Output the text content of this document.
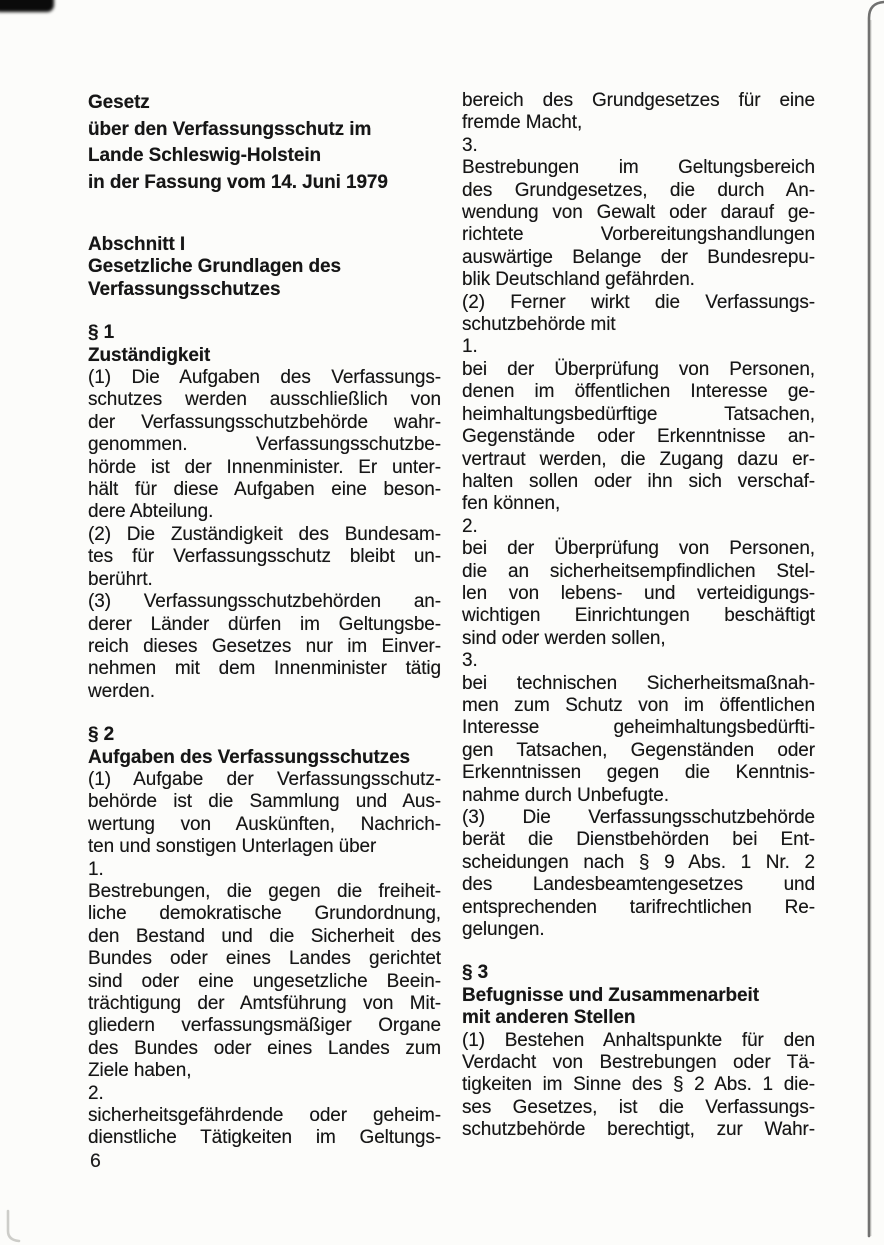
Gesetz
über den Verfassungsschutz im
Lande Schleswig-Holstein
in der Fassung vom 14. Juni 1979
Abschnitt I
Gesetzliche Grundlagen des
Verfassungsschutzes
§ 1
Zuständigkeit
(1) Die Aufgaben des Verfassungs-
schutzes werden ausschließlich von
der Verfassungsschutzbehörde wahr-
genommen. Verfassungsschutzbe-
hörde ist der Innenminister. Er unter-
hält für diese Aufgaben eine beson-
dere Abteilung.
(2) Die Zuständigkeit des Bundesam-
tes für Verfassungsschutz bleibt un-
berührt.
(3) Verfassungsschutzbehörden an-
derer Länder dürfen im Geltungsbe-
reich dieses Gesetzes nur im Einver-
nehmen mit dem Innenminister tätig
werden.
§ 2
Aufgaben des Verfassungsschutzes
(1) Aufgabe der Verfassungsschutz-
behörde ist die Sammlung und Aus-
wertung von Auskünften, Nachrich-
ten und sonstigen Unterlagen über
1.
Bestrebungen, die gegen die freiheit-
liche demokratische Grundordnung,
den Bestand und die Sicherheit des
Bundes oder eines Landes gerichtet
sind oder eine ungesetzliche Beein-
trächtigung der Amtsführung von Mit-
gliedern verfassungsmäßiger Organe
des Bundes oder eines Landes zum
Ziele haben,
2.
sicherheitsgefährdende oder geheim-
dienstliche Tätigkeiten im Geltungs-
bereich des Grundgesetzes für eine
fremde Macht,
3.
Bestrebungen im Geltungsbereich
des Grundgesetzes, die durch An-
wendung von Gewalt oder darauf ge-
richtete Vorbereitungshandlungen
auswärtige Belange der Bundesrepu-
blik Deutschland gefährden.
(2) Ferner wirkt die Verfassungs-
schutzbehörde mit
1.
bei der Überprüfung von Personen,
denen im öffentlichen Interesse ge-
heimhaltungsbedürftige Tatsachen,
Gegenstände oder Erkenntnisse an-
vertraut werden, die Zugang dazu er-
halten sollen oder ihn sich verschaf-
fen können,
2.
bei der Überprüfung von Personen,
die an sicherheitsempfindlichen Stel-
len von lebens- und verteidigungs-
wichtigen Einrichtungen beschäftigt
sind oder werden sollen,
3.
bei technischen Sicherheitsmaßnah-
men zum Schutz von im öffentlichen
Interesse geheimhaltungsbedürfti-
gen Tatsachen, Gegenständen oder
Erkenntnissen gegen die Kenntnis-
nahme durch Unbefugte.
(3) Die Verfassungsschutzbehörde
berät die Dienstbehörden bei Ent-
scheidungen nach § 9 Abs. 1 Nr. 2
des Landesbeamtengesetzes und
entsprechenden tarifrechtlichen Re-
gelungen.
§ 3
Befugnisse und Zusammenarbeit
mit anderen Stellen
(1) Bestehen Anhaltspunkte für den
Verdacht von Bestrebungen oder Tä-
tigkeiten im Sinne des § 2 Abs. 1 die-
ses Gesetzes, ist die Verfassungs-
schutzbehörde berechtigt, zur Wahr-
6
